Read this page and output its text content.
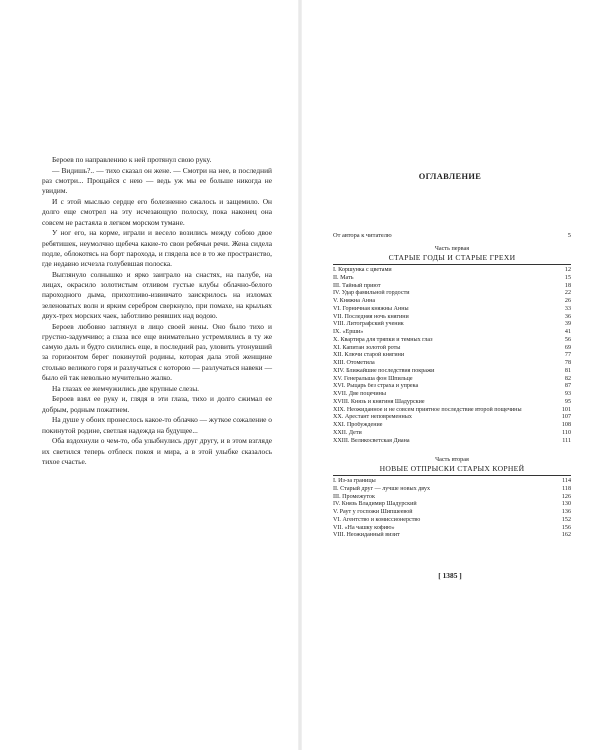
Бероев по направлению к ней протянул свою руку.

— Видишь?.. — тихо сказал он жене. — Смотри на нее, в последний раз смотри... Прощайся с нею — ведь уж мы ее больше никогда не увидим.

И с этой мыслью сердце его болезненно сжалось и защемило. Он долго еще смотрел на эту исчезающую полоску, пока наконец она совсем не растаяла в легком морском тумане.

У ног его, на корме, играли и весело возились между собою двое ребятишек, неумолчно щебеча какие-то свои ребячьи речи. Жена сидела подле, облокотясь на борт парохода, и глядела все в то же пространство, где недавно исчезла голубевшая полоска.

Выглянуло солнышко и ярко заиграло на снастях, на палубе, на лицах, окрасило золотистым отливом густые клубы облачно-белого пароходного дыма, прихотливо-извивчато заискрилось на изломах зеленоватых волн и ярким серебром сверкнуло, при помахе, на крыльях двух-трех морских чаек, заботливо реявших над водою.

Бероев любовно заглянул в лицо своей жены. Оно было тихо и грустно-задумчиво; а глаза все еще внимательно устремлялись в ту же самую даль и будто силились еще, в последний раз, уловить утонувший за горизонтом берег покинутой родины, которая дала этой женщине столько великого горя и разлучаться с которою — разлучаться навеки — было ей так невольно мучительно жалко.

На глазах ее жемчужились две крупные слезы.

Бероев взял ее руку и, глядя в эти глаза, тихо и долго сжимал ее добрым, родным пожатием.

На душе у обоих пронеслось какое-то облачко — жуткое сожаление о покинутой родине, светлая надежда на будущее...

Оба вздохнули о чем-то, оба улыбнулись друг другу, и в этом взгляде их светился теперь отблеск покоя и мира, а в этой улыбке сказалось тихое счастье.

ОГЛАВЛЕНИЕ
От автора к читателю	5
Часть первая
СТАРЫЕ ГОДЫ И СТАРЫЕ ГРЕХИ
I. Коршунка с цветами	12
II. Мать	15
III. Тайный приют	18
IV. Удар фамильной гордости	22
V. Княжна Анна	26
VI. Горничная княжны Анны	33
VII. Последняя ночь княгини	36
VIII. Литографский ученик	39
IX. «Ерши»	41
X. Квартира для тряпки и темных глаз	56
XI. Капитан золотой роты	69
XII. Ключи старой княгини	77
XIII. Отометила	78
XIV. Ближайшие последствия покражи	81
XV. Генеральша фон Шпильце	82
XVI. Рыцарь без страха и упрека	87
XVII. Две поцечины	93
XVIII. Князь и княгиня Шадурские	95
XIX. Неожиданное и не совсем приятное последствие второй пощечины	101
XX. Арестант неповременных	107
XXI. Пробуждение	108
XXII. Дети	110
XXIII. Великосветская Диана	111
Часть вторая
НОВЫЕ ОТПРЫСКИ СТАРЫХ КОРНЕЙ
I. Из-за границы	114
II. Старый друг — лучше новых двух	118
III. Промежуток	126
IV. Князь Владимир Шадурский	130
V. Раут у госпожи Шипшеевой	136
VI. Агентство и комиссионерство	152
VII. «На чашку кофию»	156
VIII. Неожиданный визит	162
[ 1385 ]
